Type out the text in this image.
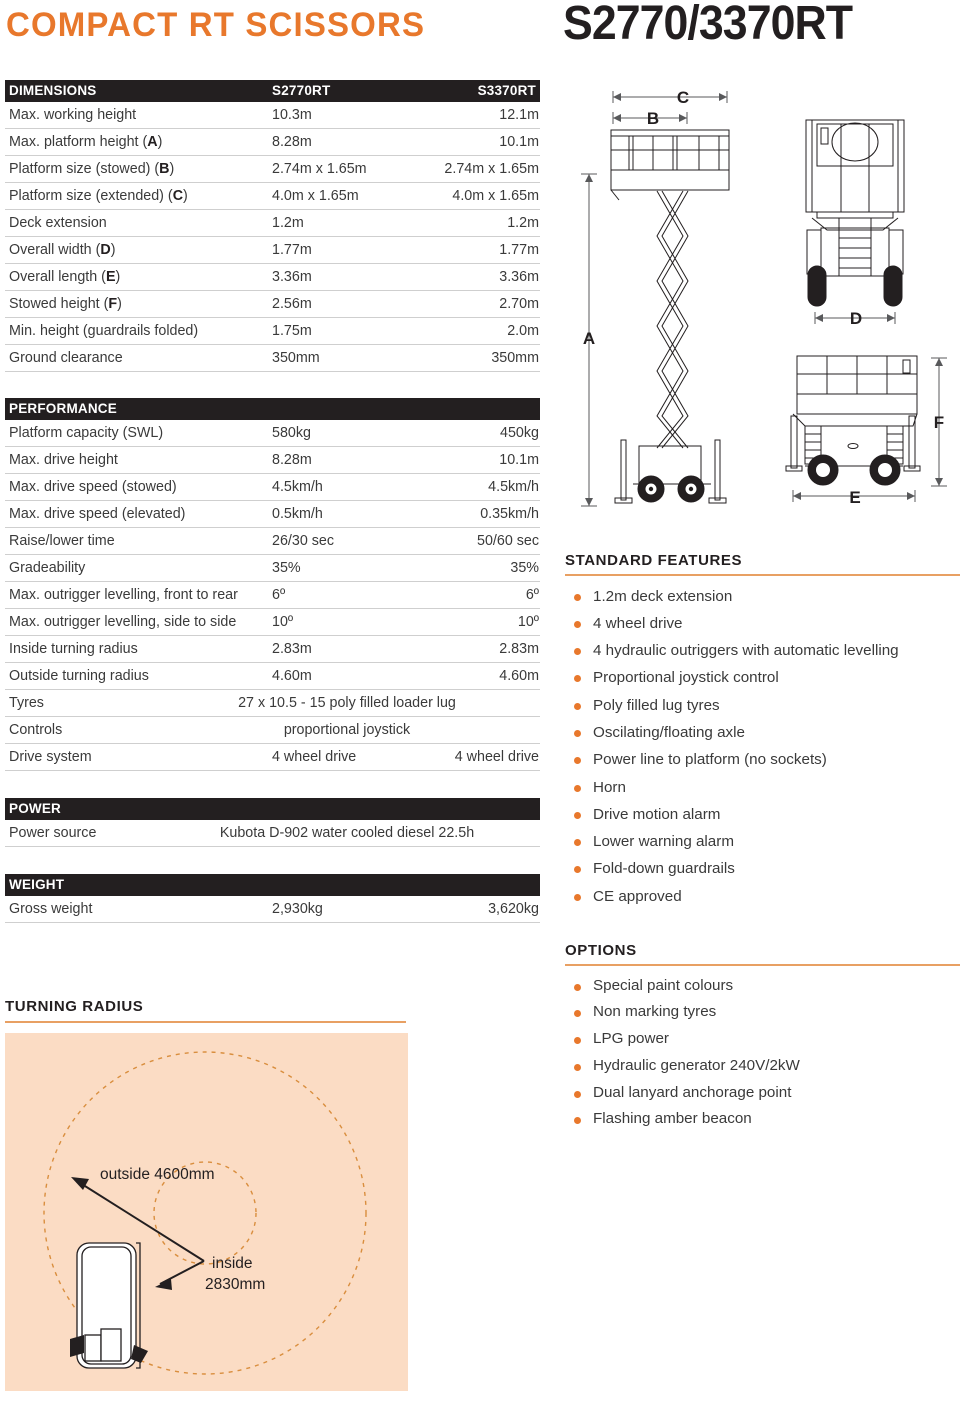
COMPACT RT SCISSORS	S2770/3370RT
DIMENSIONS	S2770RT	S3370RT
Max. working height	10.3m	12.1m
Max. platform height (A)	8.28m	10.1m
Platform size (stowed) (B)	2.74m x 1.65m	2.74m x 1.65m
Platform size (extended) (C)	4.0m x 1.65m	4.0m x 1.65m
Deck extension	1.2m	1.2m
Overall width (D)	1.77m	1.77m
Overall length (E)	3.36m	3.36m
Stowed height (F)	2.56m	2.70m
Min. height (guardrails folded)	1.75m	2.0m
Ground clearance	350mm	350mm
PERFORMANCE
Platform capacity (SWL)	580kg	450kg
Max. drive height	8.28m	10.1m
Max. drive speed (stowed)	4.5km/h	4.5km/h
Max. drive speed (elevated)	0.5km/h	0.35km/h
Raise/lower time	26/30 sec	50/60 sec
Gradeability	35%	35%
Max. outrigger levelling, front to rear 6º	6º
Max. outrigger levelling, side to side 10º	10º
Inside turning radius	2.83m	2.83m
Outside turning radius	4.60m	4.60m
Tyres	27 x 10.5 - 15 poly filled loader lug
Controls	proportional joystick
Drive system	4 wheel drive	4 wheel drive
POWER
Power source	Kubota D-902 water cooled diesel 22.5h
WEIGHT
Gross weight	2,930kg	3,620kg
C
B
A
D
F
E
STANDARD FEATURES
1.2m deck extension
4 wheel drive
4 hydraulic outriggers with automatic levelling
Proportional joystick control
Poly filled lug tyres
Oscilating/floating axle
Power line to platform (no sockets)
Horn
Drive motion alarm
Lower warning alarm
Fold-down guardrails
CE approved
OPTIONS
Special paint colours
Non marking tyres
LPG power
Hydraulic generator 240V/2kW
Dual lanyard anchorage point
Flashing amber beacon
TURNING RADIUS
outside 4600mm
inside
2830mm
